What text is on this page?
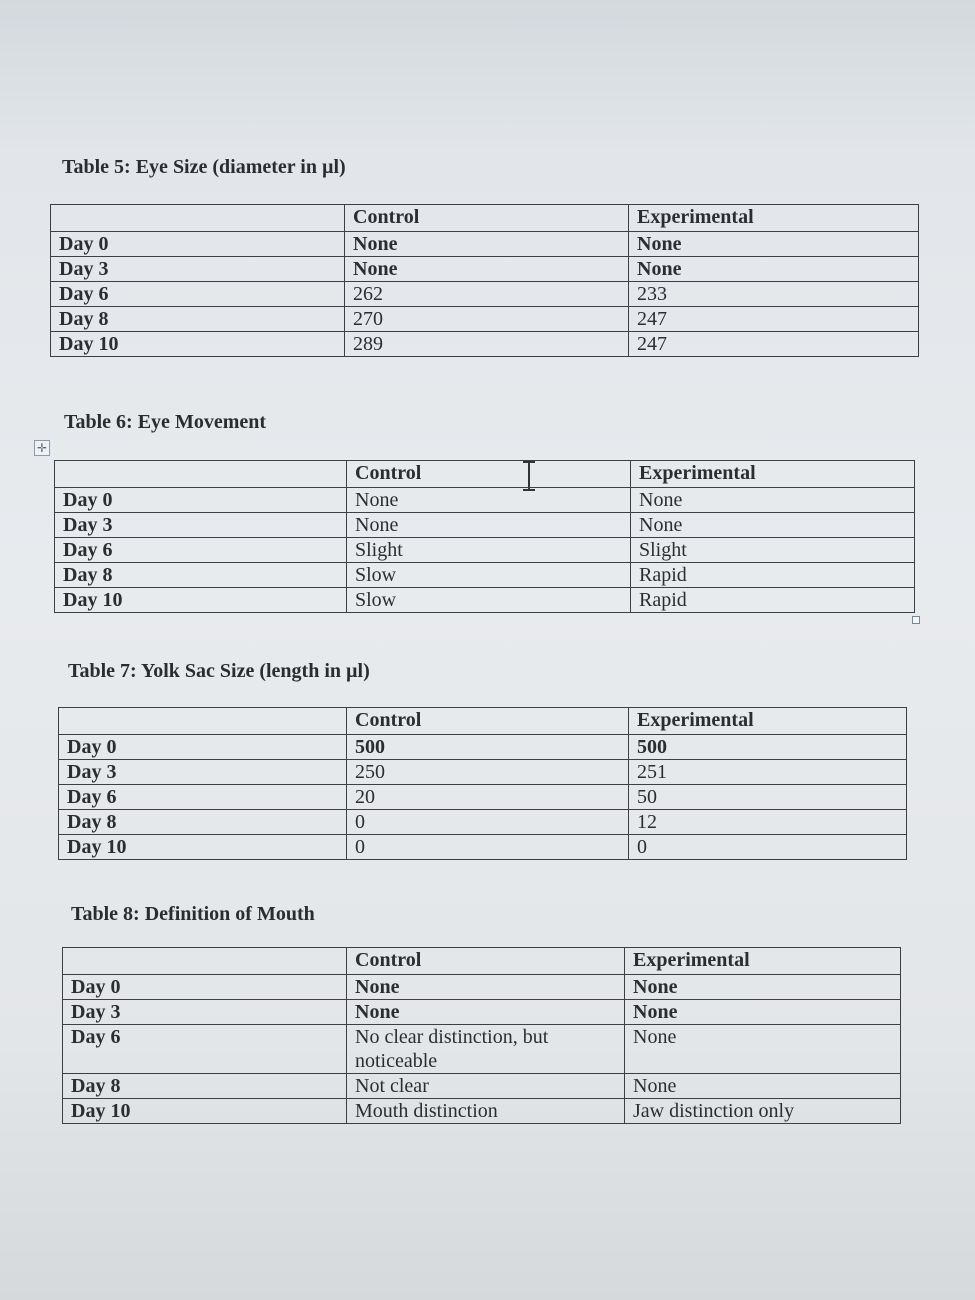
Table 5: Eye Size (diameter in µl)
	Control	Experimental
Day 0	None	None
Day 3	None	None
Day 6	262	233
Day 8	270	247
Day 10	289	247
Table 6: Eye Movement
✛
	Control	Experimental
Day 0	None	None
Day 3	None	None
Day 6	Slight	Slight
Day 8	Slow	Rapid
Day 10	Slow	Rapid
Table 7: Yolk Sac Size (length in µl)
	Control	Experimental
Day 0	500	500
Day 3	250	251
Day 6	20	50
Day 8	0	12
Day 10	0	0
Table 8: Definition of Mouth
	Control	Experimental
Day 0	None	None
Day 3	None	None
Day 6	No clear distinction, but noticeable	None
Day 8	Not clear	None
Day 10	Mouth distinction	Jaw distinction only
